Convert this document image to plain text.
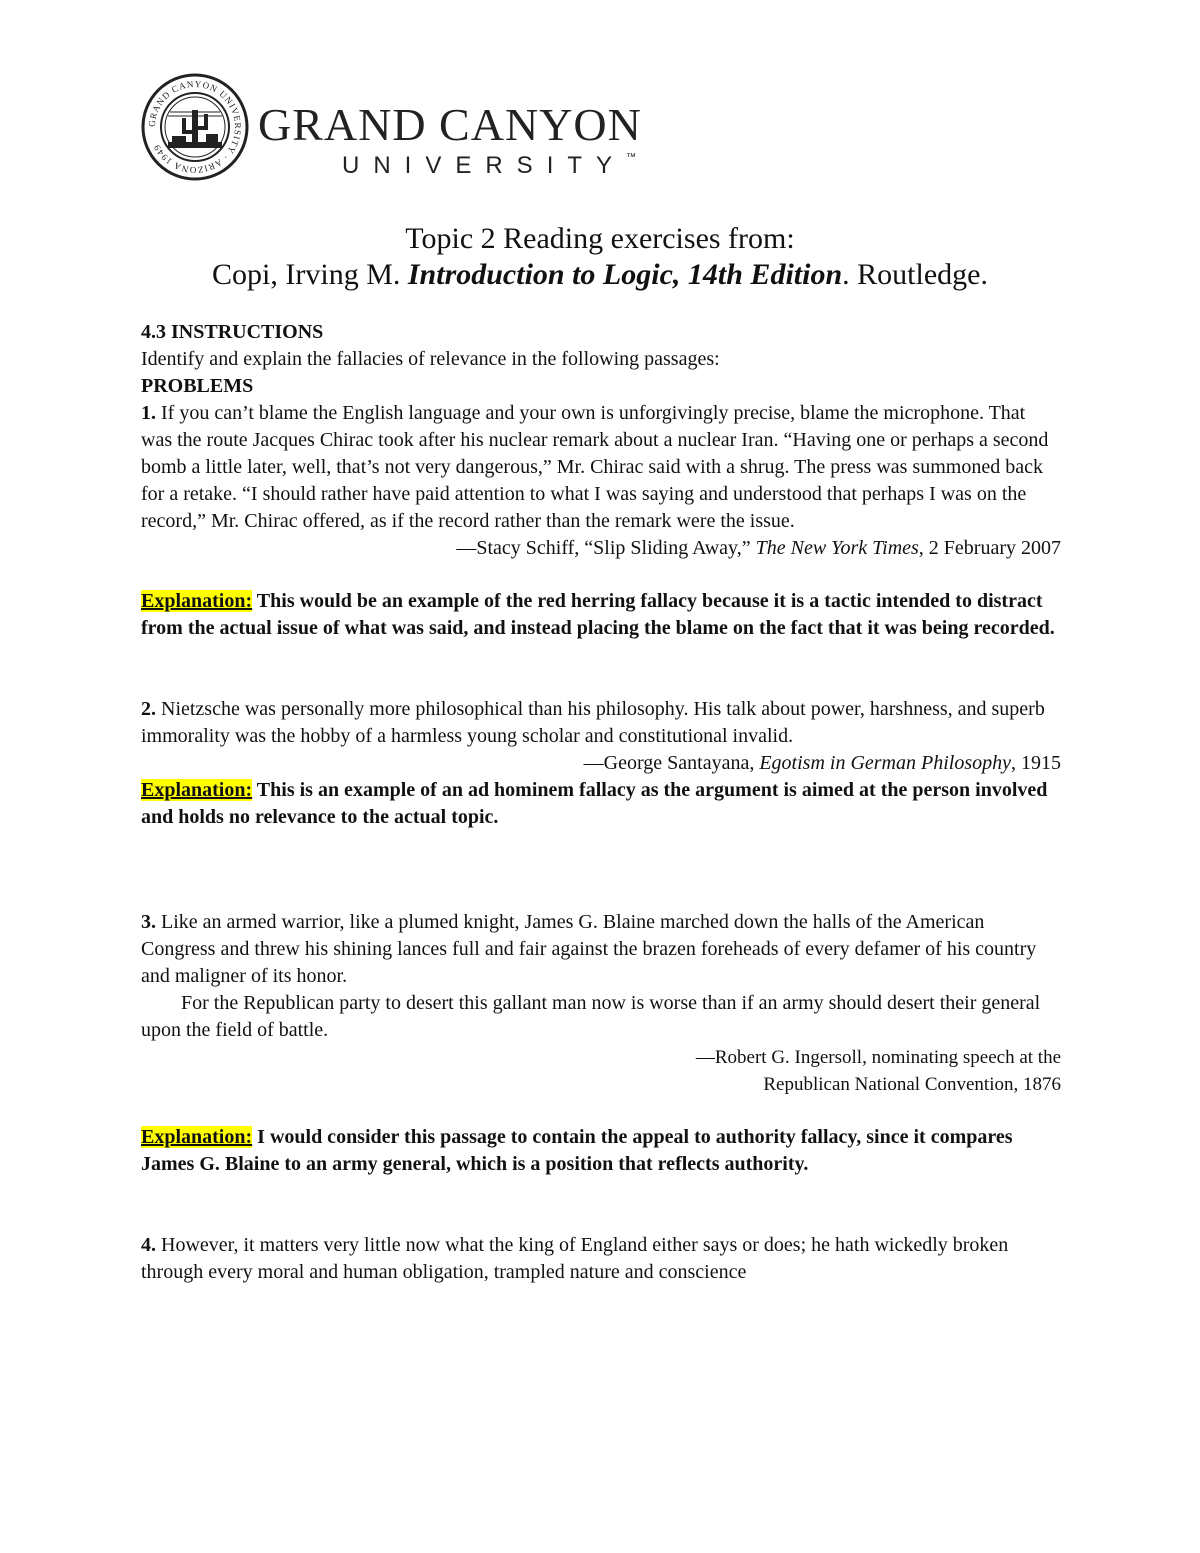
GRAND CANYON UNIVERSITY · ARIZONA 1949	GRAND CANYON
UNIVERSITY™
Topic 2 Reading exercises from:
Copi, Irving M. Introduction to Logic, 14th Edition. Routledge.

4.3 INSTRUCTIONS

Identify and explain the fallacies of relevance in the following passages:

PROBLEMS

1. If you can’t blame the English language and your own is unforgivingly precise, blame the microphone. That was the route Jacques Chirac took after his nuclear remark about a nuclear Iran. “Having one or perhaps a second bomb a little later, well, that’s not very dangerous,” Mr. Chirac said with a shrug. The press was summoned back for a retake. “I should rather have paid attention to what I was saying and understood that perhaps I was on the record,” Mr. Chirac offered, as if the record rather than the remark were the issue.

—Stacy Schiff, “Slip Sliding Away,” The New York Times, 2 February 2007

Explanation: This would be an example of the red herring fallacy because it is a tactic intended to distract from the actual issue of what was said, and instead placing the blame on the fact that it was being recorded.

2. Nietzsche was personally more philosophical than his philosophy. His talk about power, harshness, and superb immorality was the hobby of a harmless young scholar and constitutional invalid.

—George Santayana, Egotism in German Philosophy, 1915

Explanation: This is an example of an ad hominem fallacy as the argument is aimed at the person involved and holds no relevance to the actual topic.

3. Like an armed warrior, like a plumed knight, James G. Blaine marched down the halls of the American Congress and threw his shining lances full and fair against the brazen foreheads of every defamer of his country and maligner of its honor.

For the Republican party to desert this gallant man now is worse than if an army should desert their general upon the field of battle.

—Robert G. Ingersoll, nominating speech at the

Republican National Convention, 1876

Explanation: I would consider this passage to contain the appeal to authority fallacy, since it compares James G. Blaine to an army general, which is a position that reflects authority.

4. However, it matters very little now what the king of England either says or does; he hath wickedly broken through every moral and human obligation, trampled nature and conscience
